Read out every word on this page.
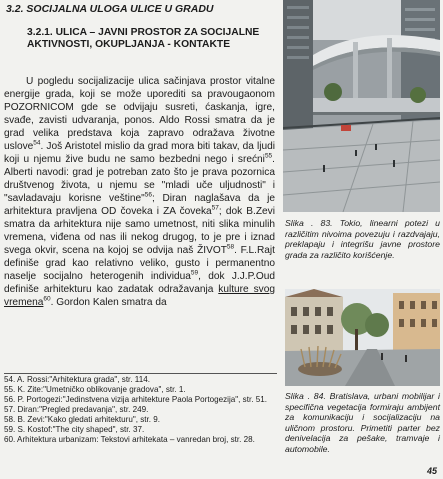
3.2. SOCIJALNA ULOGA ULICE U GRADU
3.2.1. ULICA – JAVNI PROSTOR ZA SOCIJALNE AKTIVNOSTI, OKUPLJANJA - KONTAKTE

U pogledu socijalizacije ulica sačinjava prostor vitalne energije grada, koji se može uporediti sa pravougaonom POZORNICOM gde se odvijaju susreti, ćaskanja, igre, svađe, zavisti udvaranja, ponos. Aldo Rossi smatra da je grad velika predstava koja zapravo odražava životne uslove$^{54}$. Još Aristotel mislio da grad mora biti takav, da ljudi koji u njemu žive budu ne samo bezbedni nego i srećni$^{55}$. Alberti navodi: grad je potreban zato što je prava pozornica društvenog života, u njemu se "mladi uče uljudnosti" i "savladavaju korisne veštine"$^{56}$; Diran naglašava da je arhitektura pravljena OD čoveka i ZA čoveka$^{57}$; dok B.Zevi smatra da arhitektura nije samo umetnost, niti slika minulih vremena, viđena od nas ili nekog drugog, to je pre i iznad svega okvir, scena na kojoj se odvija naš ŽIVOT$^{58}$. F.L.Rajt definiše grad kao relativno veliko, gusto i permanentno naselje socijalno heterogenih individua$^{59}$, dok J.J.P.Oud definiše arhitekturu kao zadatak odražavanja kulture svog vremena$^{60}$. Gordon Kalen smatra da

54. A. Rossi:"Arhitektura grada", str. 114.
55. K. Zite:"Umetničko oblikovanje gradova", str. 1.
56. P. Portogezi:"Jedinstvena vizija arhitekture Paola Portogezija", str. 51.
57. Diran:"Pregled predavanja", str. 249.
58. B. Zevi:"Kako gledati arhitekturu", str. 9.
59. S. Kostof:"The city shaped", str. 37.
60. Arhitektura urbanizam: Tekstovi arhitekata – vanredan broj, str. 28.

Slika . 83. Tokio, linearni potezi u različitim nivoima povezuju i razdvajaju, preklapaju i integrišu javne prostore grada za različito korišćenje.

Slika . 84. Bratislava, urbani mobilijar i specifična vegetacija formiraju ambijent za komunikaciju i socijalizaciju na uličnom prostoru. Primetiti parter bez denivelacija za pešake, tramvaje i automobile.

45
